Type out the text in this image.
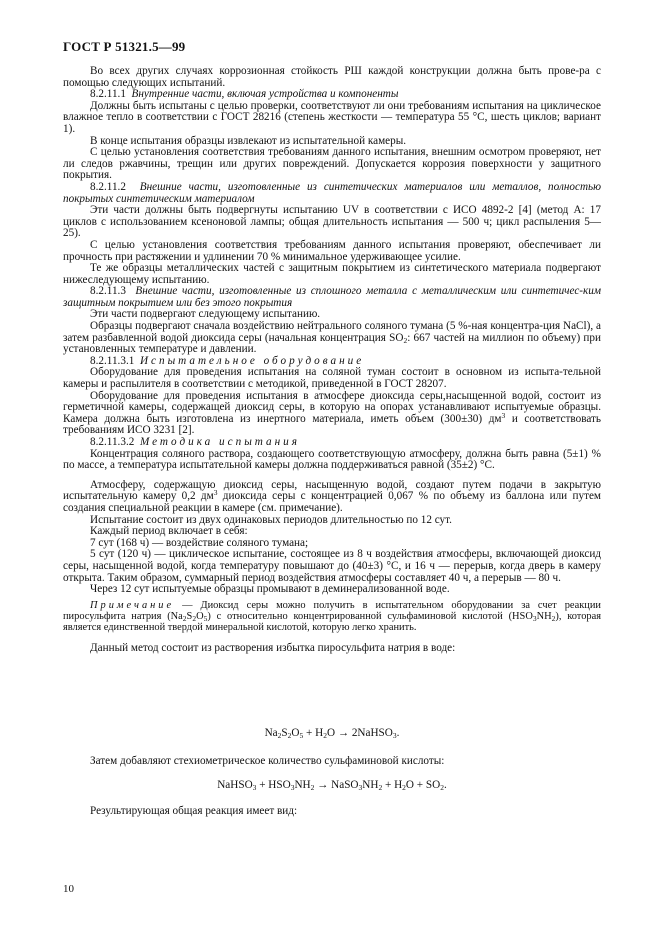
ГОСТ Р 51321.5—99

Во всех других случаях коррозионная стойкость РШ каждой конструкции должна быть прове-ра с помощью следующих испытаний.

8.2.11.1 Внутренние части, включая устройства и компоненты

Должны быть испытаны с целью проверки, соответствуют ли они требованиям испытания на циклическое влажное тепло в соответствии с ГОСТ 28216 (степень жесткости — температура 55 °С, шесть циклов; вариант 1).

В конце испытания образцы извлекают из испытательной камеры.

С целью установления соответствия требованиям данного испытания, внешним осмотром проверяют, нет ли следов ржавчины, трещин или других повреждений. Допускается коррозия поверхности у защитного покрытия.

8.2.11.2 Внешние части, изготовленные из синтетических материалов или металлов, полностью покрытых синтетическим материалом

Эти части должны быть подвергнуты испытанию UV в соответствии с ИСО 4892-2 [4] (метод А: 17 циклов с использованием ксеноновой лампы; общая длительность испытания — 500 ч; цикл распыления 5—25).

С целью установления соответствия требованиям данного испытания проверяют, обеспечивает ли прочность при растяжении и удлинении 70 % минимальное удерживающее усилие.

Те же образцы металлических частей с защитным покрытием из синтетического материала подвергают нижеследующему испытанию.

8.2.11.3 Внешние части, изготовленные из сплошного металла с металлическим или синтетичес-ким защитным покрытием или без этого покрытия

Эти части подвергают следующему испытанию.

Образцы подвергают сначала воздействию нейтрального соляного тумана (5 %-ная концентра-ция NaCl), а затем разбавленной водой диоксида серы (начальная концентрация $SO_2$: 667 частей на миллион по объему) при установленных температуре и давлении.

8.2.11.3.1 Испытательное оборудование

Оборудование для проведения испытания на соляной туман состоит в основном из испыта-тельной камеры и распылителя в соответствии с методикой, приведенной в ГОСТ 28207.

Оборудование для проведения испытания в атмосфере диоксида серы,насыщенной водой, состоит из герметичной камеры, содержащей диоксид серы, в которую на опорах устанавливают испытуемые образцы. Камера должна быть изготовлена из инертного материала, иметь объем (300±30) $дм^3$ и соответствовать требованиям ИСО 3231 [2].

8.2.11.3.2 Методика испытания

Концентрация соляного раствора, создающего соответствующую атмосферу, должна быть равна (5±1) % по массе, а температура испытательной камеры должна поддерживаться равной (35±2) °С.

Атмосферу, содержащую диоксид серы, насыщенную водой, создают путем подачи в закрытую испытательную камеру 0,2 $дм^3$ диоксида серы с концентрацией 0,067 % по объему из баллона или путем создания специальной реакции в камере (см. примечание).

Испытание состоит из двух одинаковых периодов длительностью по 12 сут.

Каждый период включает в себя:

7 сут (168 ч) — воздействие соляного тумана;

5 сут (120 ч) — циклическое испытание, состоящее из 8 ч воздействия атмосферы, включающей диоксид серы, насыщенной водой, когда температуру повышают до (40±3) °С, и 16 ч — перерыв, когда дверь в камеру открыта. Таким образом, суммарный период воздействия атмосферы составляет 40 ч, а перерыв — 80 ч.

Через 12 сут испытуемые образцы промывают в деминерализованной воде.

Примечание — Диоксид серы можно получить в испытательном оборудовании за счет реакции пиросульфита натрия $(Na_2S_2O_5)$ с относительно концентрированной сульфаминовой кислотой $(HSO_3NH_2)$, которая является единственной твердой минеральной кислотой, которую легко хранить.

Данный метод состоит из растворения избытка пиросульфита натрия в воде:

$Na_2S_2O_5 + H_2O$ → 2NaHSO$_3$.
Затем добавляют стехиометрическое количество сульфаминовой кислоты:
NaHSO$_3$ + $HSO_3NH_2$ → $NaSO_3NH_2 + H_2O + SO_2$.
Результирующая общая реакция имеет вид:
10
